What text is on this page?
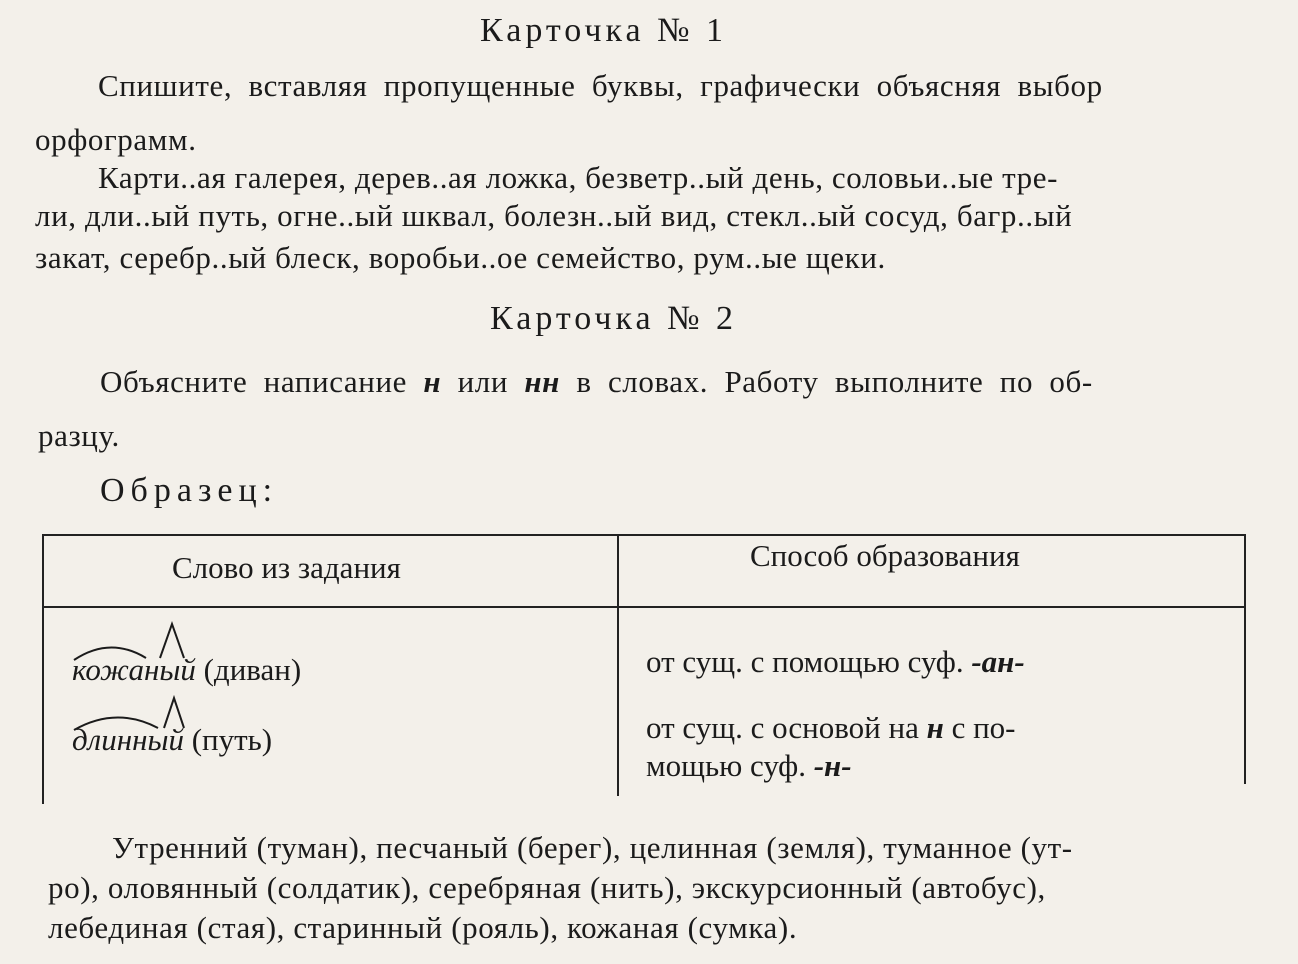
Карточка № 1
Спишите, вставляя пропущенные буквы, графически объясняя выбор
орфограмм.
Карти..ая галерея, дерев..ая ложка, безветр..ый день, соловьи..ые тре-
ли, дли..ый путь, огне..ый шквал, болезн..ый вид, стекл..ый сосуд, багр..ый
закат, серебр..ый блеск, воробьи..ое семейство, рум..ые щеки.
Карточка № 2
Объясните написание н или нн в словах. Работу выполните по об-
разцу.
Образец:
Слово из задания	Способ образования
кожаный (диван)	от сущ. с помощью суф. -ан-
длинный (путь)	от сущ. с основой на н с по-
мощью суф. -н-
Утренний (туман), песчаный (берег), целинная (земля), туманное (ут-
ро), оловянный (солдатик), серебряная (нить), экскурсионный (автобус),
лебединая (стая), старинный (рояль), кожаная (сумка).
